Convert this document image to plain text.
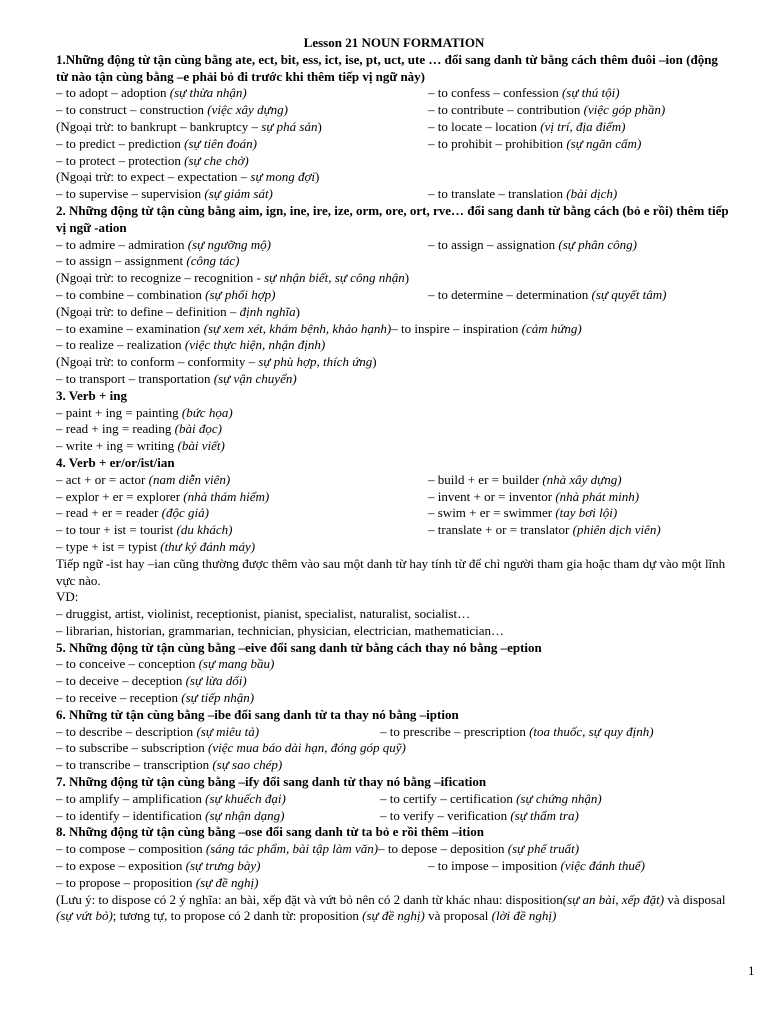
Lesson 21 NOUN FORMATION
1.Những động từ tận cùng bằng ate, ect, bit, ess, ict, ise, pt, uct, ute … đổi sang danh từ bằng cách thêm đuôi –ion (động từ nào tận cùng bằng –e phải bỏ đi trước khi thêm tiếp vị ngữ này)
– to adopt – adoption (sự thừa nhận)	– to confess – confession (sự thú tội)
– to construct – construction (việc xây dựng)	– to contribute – contribution (việc góp phần)
(Ngoại trừ: to bankrupt – bankruptcy – sự phá sản)	– to locate – location (vị trí, địa điểm)
– to predict – prediction (sự tiên đoán)	– to prohibit – prohibition (sự ngăn cấm)
– to protect – protection (sự che chở)
(Ngoại trừ: to expect – expectation – sự mong đợi)
– to supervise – supervision (sự giám sát)	– to translate – translation (bài dịch)
2. Những động từ tận cùng bằng aim, ign, ine, ire, ize, orm, ore, ort, rve… đổi sang danh từ bằng cách (bỏ e rồi) thêm tiếp vị ngữ -ation
– to admire – admiration (sự ngưỡng mộ)	– to assign – assignation (sự phân công)
– to assign – assignment (công tác)
(Ngoại trừ: to recognize – recognition - sự nhận biết, sự công nhận)
– to combine – combination (sự phối hợp)	– to determine – determination (sự quyết tâm)
(Ngoại trừ: to define – definition – định nghĩa)
– to examine – examination (sự xem xét, khám bệnh, khảo hạnh)– to inspire – inspiration (cảm hứng)
– to realize – realization (việc thực hiện, nhận định)
(Ngoại trừ: to conform – conformity – sự phù hợp, thích ứng)
– to transport – transportation (sự vận chuyển)
3. Verb + ing
– paint + ing = painting (bức họa)
– read + ing = reading (bài đọc)
– write + ing = writing (bài viết)
4. Verb + er/or/ist/ian
– act + or = actor (nam diễn viên)	– build + er = builder (nhà xây dựng)
– explor + er = explorer (nhà thám hiểm)	– invent + or = inventor (nhà phát minh)
– read + er = reader (độc giả)	– swim + er = swimmer (tay bơi lội)
– to tour + ist = tourist (du khách)	– translate + or = translator (phiên dịch viên)
– type + ist = typist (thư ký đánh máy)
Tiếp ngữ -ist hay –ian cũng thường được thêm vào sau một danh từ hay tính từ để chỉ người tham gia hoặc tham dự vào một lĩnh vực nào.
VD:
– druggist, artist, violinist, receptionist, pianist, specialist, naturalist, socialist…
– librarian, historian, grammarian, technician, physician, electrician, mathematician…
5. Những động từ tận cùng bằng –eive đổi sang danh từ bằng cách thay nó bằng –eption
– to conceive – conception (sự mang bầu)
– to deceive – deception (sự lừa dối)
– to receive – reception (sự tiếp nhận)
6. Những từ tận cùng bằng –ibe đổi sang danh từ ta thay nó bằng –iption
– to describe – description (sự miêu tả)	– to prescribe – prescription (toa thuốc, sự quy định)
– to subscribe – subscription (việc mua báo dài hạn, đóng góp quỹ)
– to transcribe – transcription (sự sao chép)
7. Những động từ tận cùng bằng –ify đổi sang danh từ thay nó bằng –ification
– to amplify – amplification (sự khuếch đại)	– to certify – certification (sự chứng nhận)
– to identify – identification (sự nhận dạng)	– to verify – verification (sự thẩm tra)
8. Những động từ tận cùng bằng –ose đổi sang danh từ ta bỏ e rồi thêm –ition
– to compose – composition (sáng tác phẩm, bài tập làm văn)– to depose – deposition (sự phế truất)
– to expose – exposition (sự trưng bày)	– to impose – imposition (việc đánh thuế)
– to propose – proposition (sự đề nghị)
(Lưu ý: to dispose có 2 ý nghĩa: an bài, xếp đặt và vứt bỏ nên có 2 danh từ khác nhau: disposition(sự an bài, xếp đặt) và disposal (sự vứt bỏ); tương tự, to propose có 2 danh từ: proposition (sự đề nghị) và proposal (lời đề nghị)
1
